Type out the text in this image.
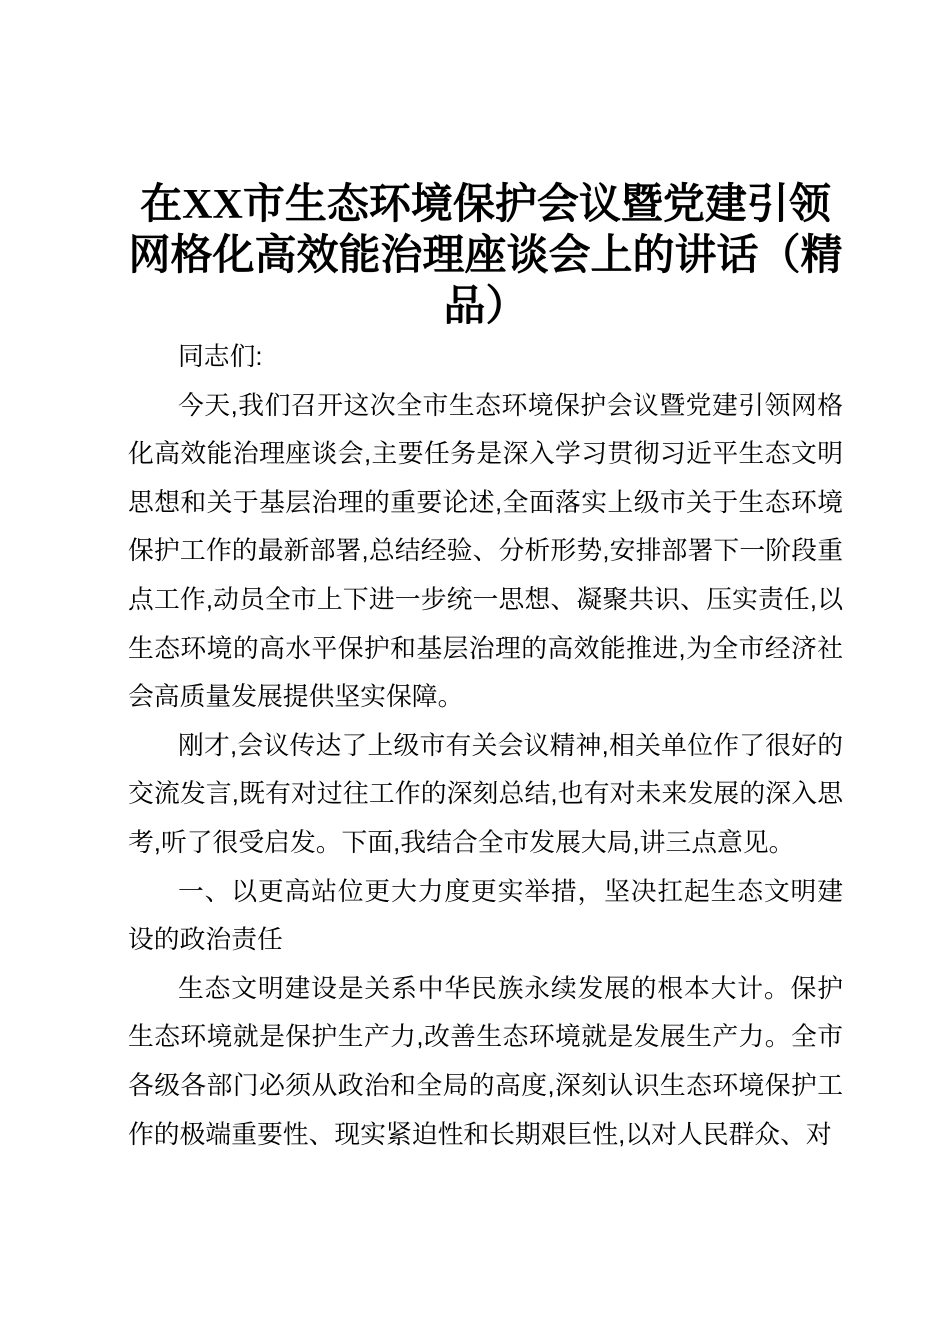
在XX市生态环境保护会议暨党建引领
网格化高效能治理座谈会上的讲话（精
品）

同志们:

今天,我们召开这次全市生态环境保护会议暨党建引领网格化高效能治理座谈会,主要任务是深入学习贯彻习近平生态文明思想和关于基层治理的重要论述,全面落实上级市关于生态环境保护工作的最新部署,总结经验、分析形势,安排部署下一阶段重点工作,动员全市上下进一步统一思想、凝聚共识、压实责任,以生态环境的高水平保护和基层治理的高效能推进,为全市经济社会高质量发展提供坚实保障。

刚才,会议传达了上级市有关会议精神,相关单位作了很好的交流发言,既有对过往工作的深刻总结,也有对未来发展的深入思考,听了很受启发。下面,我结合全市发展大局,讲三点意见。

一、以更高站位更大力度更实举措，坚决扛起生态文明建设的政治责任

生态文明建设是关系中华民族永续发展的根本大计。保护生态环境就是保护生产力,改善生态环境就是发展生产力。全市各级各部门必须从政治和全局的高度,深刻认识生态环境保护工作的极端重要性、现实紧迫性和长期艰巨性,以对人民群众、对
